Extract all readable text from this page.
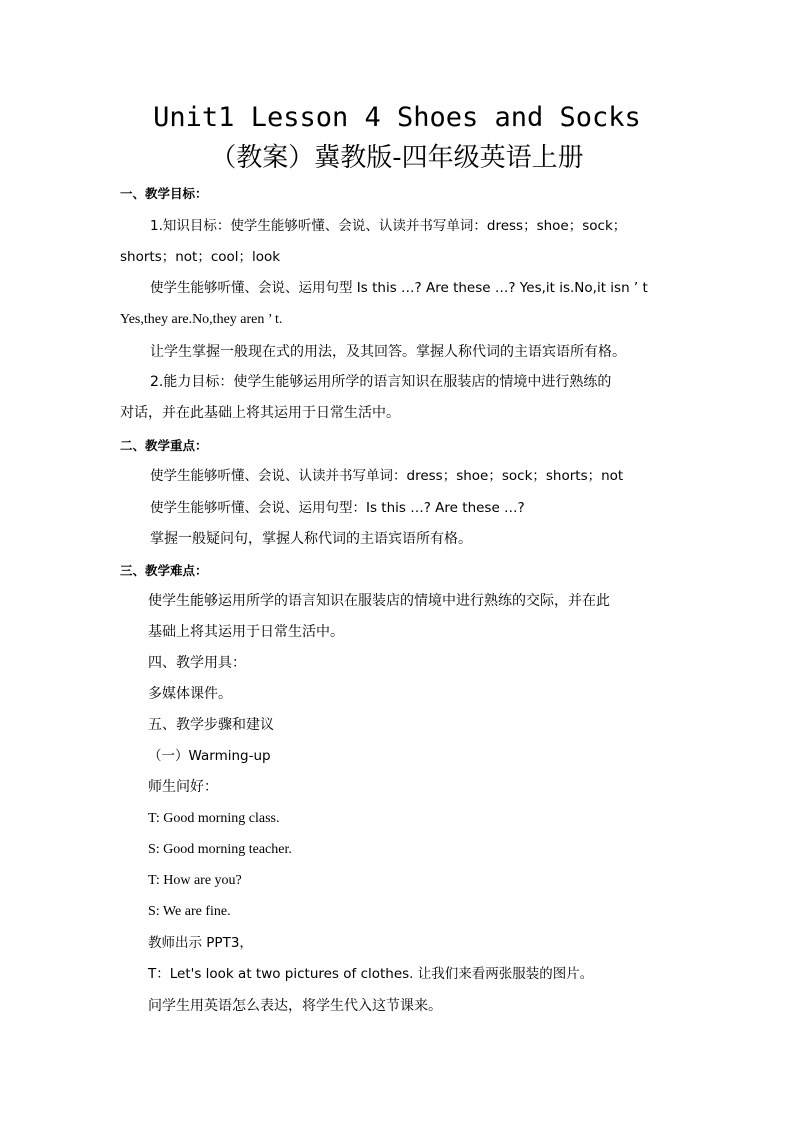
Unit1 Lesson 4 Shoes and Socks
（教案）冀教版-四年级英语上册
一、教学目标：
1.知识目标：使学生能够听懂、会说、认读并书写单词：dress；shoe；sock；
shorts；not；cool；look
使学生能够听懂、会说、运用句型 Is this …? Are these …? Yes,it is.No,it isn ’ t
Yes,they are.No,they aren ’ t.
让学生掌握一般现在式的用法，及其回答。掌握人称代词的主语宾语所有格。
2.能力目标：使学生能够运用所学的语言知识在服装店的情境中进行熟练的
对话，并在此基础上将其运用于日常生活中。
二、教学重点：
使学生能够听懂、会说、认读并书写单词：dress；shoe；sock；shorts；not
使学生能够听懂、会说、运用句型：Is this …? Are these …?
掌握一般疑问句，掌握人称代词的主语宾语所有格。
三、教学难点：
使学生能够运用所学的语言知识在服装店的情境中进行熟练的交际，并在此
基础上将其运用于日常生活中。
四、教学用具：
多媒体课件。
五、教学步骤和建议
（一）Warming-up
师生问好：
T: Good morning class.
S: Good morning teacher.
T: How are you?
S: We are fine.
教师出示 PPT3，
T：Let's look at two pictures of clothes. 让我们来看两张服装的图片。
问学生用英语怎么表达，将学生代入这节课来。
